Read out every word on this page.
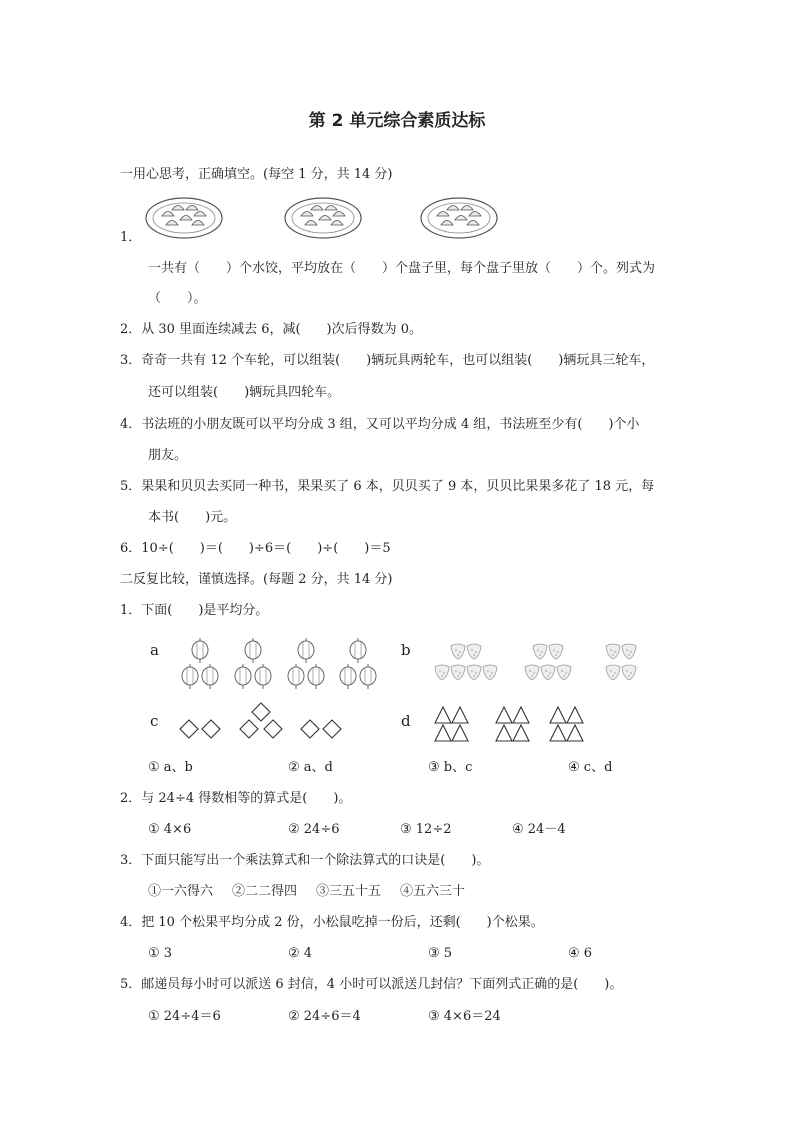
第 2 单元综合素质达标
一用心思考，正确填空。(每空 1 分，共 14 分)
1．
一共有（　　）个水饺，平均放在（　　）个盘子里，每个盘子里放（　　）个。列式为
（　　）。
2．从 30 里面连续减去 6，减(　　)次后得数为 0。
3．奇奇一共有 12 个车轮，可以组装(　　)辆玩具两轮车，也可以组装(　　)辆玩具三轮车，
还可以组装(　　)辆玩具四轮车。
4．书法班的小朋友既可以平均分成 3 组，又可以平均分成 4 组，书法班至少有(　　)个小
朋友。
5．果果和贝贝去买同一种书，果果买了 6 本，贝贝买了 9 本，贝贝比果果多花了 18 元，每
本书(　　)元。
6．10÷(　　)＝(　　)÷6＝(　　)÷(　　)＝5
二反复比较，谨慎选择。(每题 2 分，共 14 分)
1．下面(　　)是平均分。
a	b
c	d
① a、b	② a、d	③ b、c	④ c、d
2．与 24÷4 得数相等的算式是(　　)。
① 4×6	② 24÷6	③ 12÷2	④ 24－4
3．下面只能写出一个乘法算式和一个除法算式的口诀是(　　)。
①一六得六 ②二二得四 ③三五十五 ④五六三十
4．把 10 个松果平均分成 2 份，小松鼠吃掉一份后，还剩(　　)个松果。
① 3	② 4	③ 5	④ 6
5．邮递员每小时可以派送 6 封信，4 小时可以派送几封信？下面列式正确的是(　　)。
① 24÷4＝6	② 24÷6＝4	③ 4×6＝24
